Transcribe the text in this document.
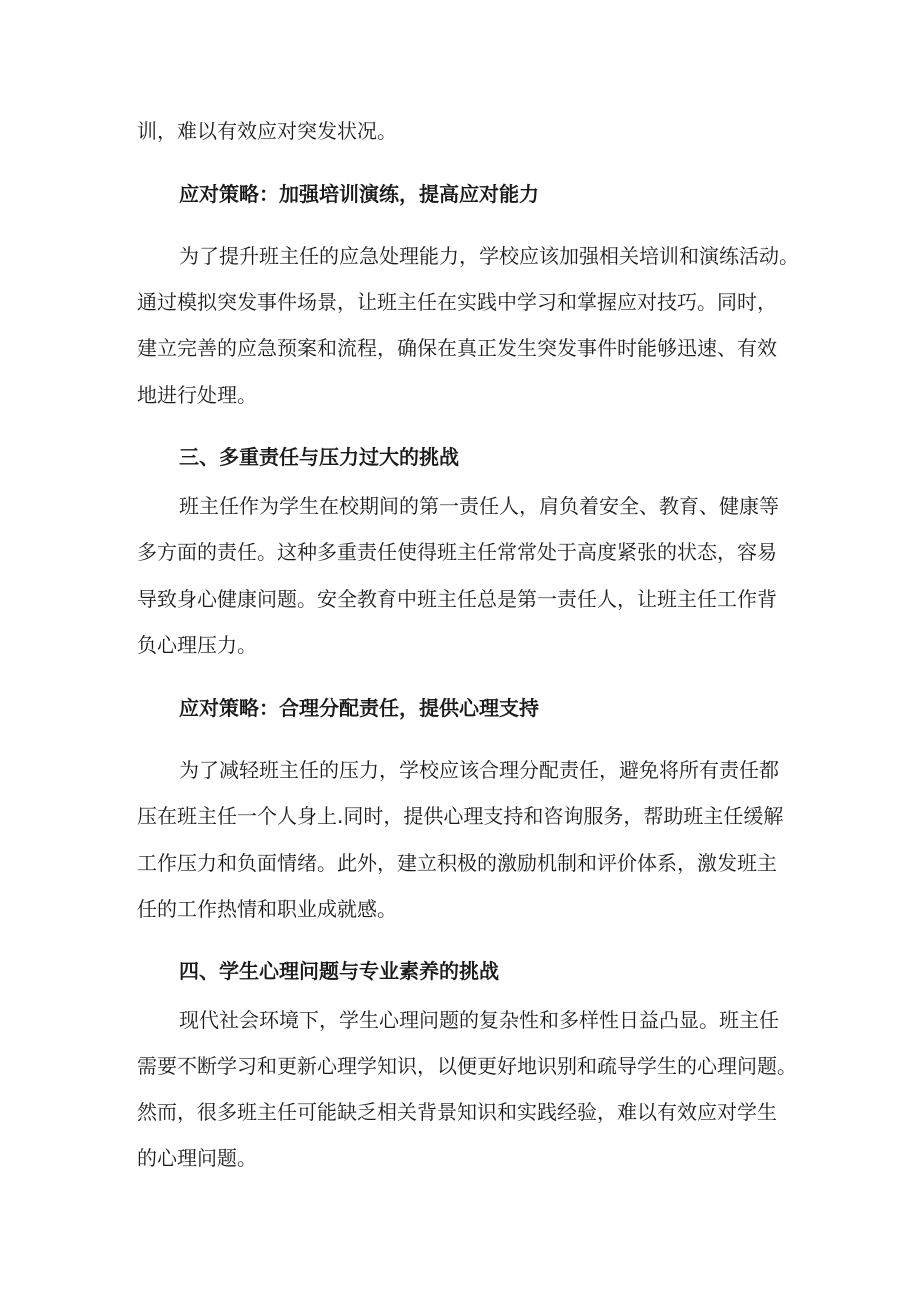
训，难以有效应对突发状况。
应对策略：加强培训演练，提高应对能力
为了提升班主任的应急处理能力，学校应该加强相关培训和演练活动。
通过模拟突发事件场景，让班主任在实践中学习和掌握应对技巧。同时，
建立完善的应急预案和流程，确保在真正发生突发事件时能够迅速、有效
地进行处理。
三、多重责任与压力过大的挑战
班主任作为学生在校期间的第一责任人，肩负着安全、教育、健康等
多方面的责任。这种多重责任使得班主任常常处于高度紧张的状态，容易
导致身心健康问题。安全教育中班主任总是第一责任人，让班主任工作背
负心理压力。
应对策略：合理分配责任，提供心理支持
为了减轻班主任的压力，学校应该合理分配责任，避免将所有责任都
压在班主任一个人身上.同时，提供心理支持和咨询服务，帮助班主任缓解
工作压力和负面情绪。此外，建立积极的激励机制和评价体系，激发班主
任的工作热情和职业成就感。
四、学生心理问题与专业素养的挑战
现代社会环境下，学生心理问题的复杂性和多样性日益凸显。班主任
需要不断学习和更新心理学知识，以便更好地识别和疏导学生的心理问题。
然而，很多班主任可能缺乏相关背景知识和实践经验，难以有效应对学生
的心理问题。
